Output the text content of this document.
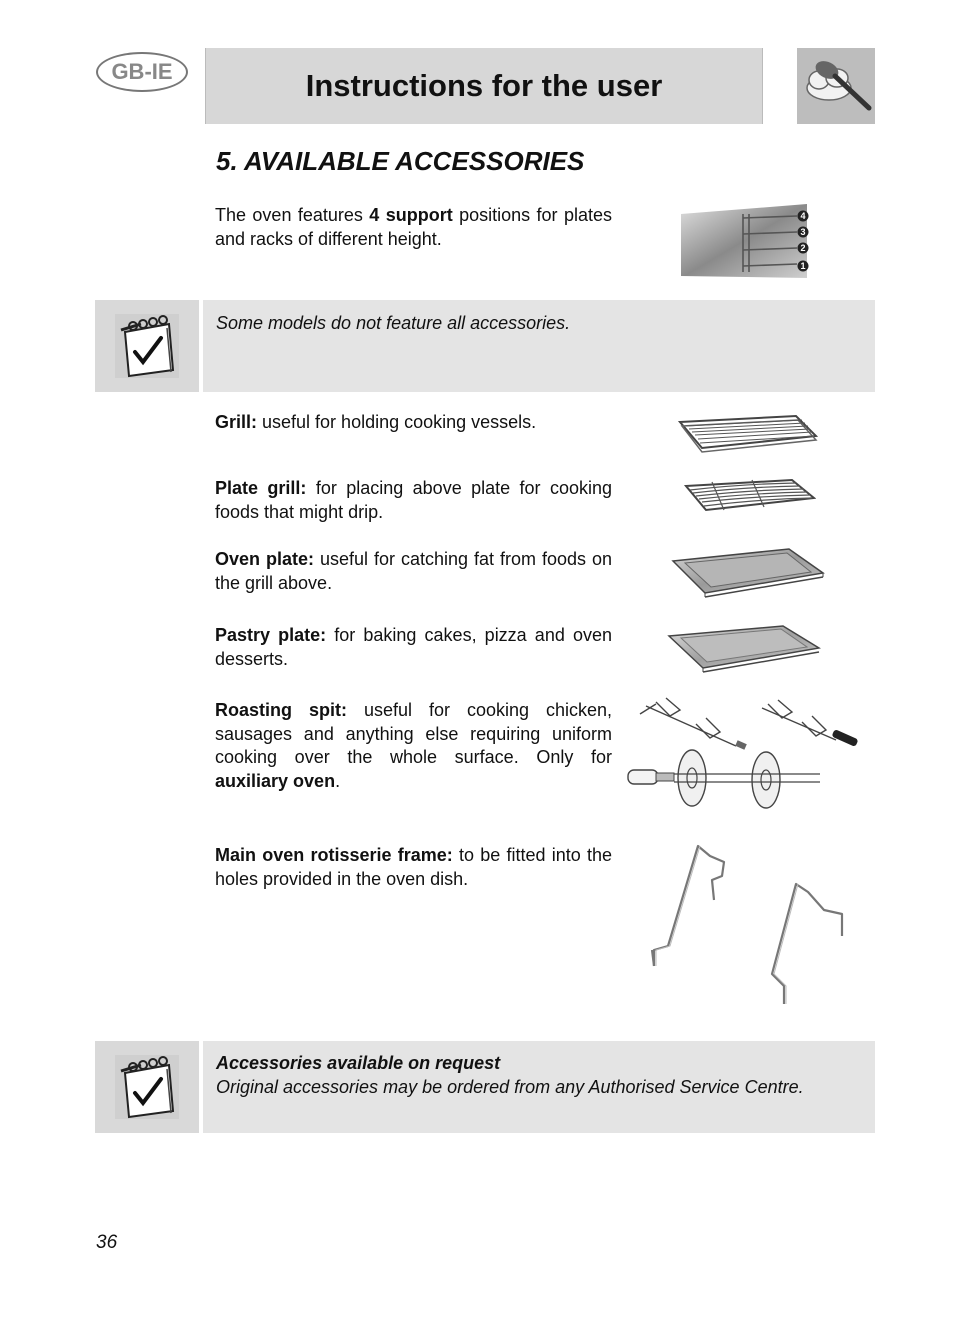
GB-IE	Instructions for the user
5. AVAILABLE ACCESSORIES
The oven features 4 support positions for plates and racks of different height.
4
3
2
1
Some models do not feature all accessories.
Grill: useful for holding cooking vessels.
Plate grill: for placing above plate for cooking foods that might drip.
Oven plate: useful for catching fat from foods on the grill above.
Pastry plate: for baking cakes, pizza and oven desserts.
Roasting spit: useful for cooking chicken, sausages and anything else requiring uniform cooking over the whole surface. Only for auxiliary oven.
Main oven rotisserie frame: to be fitted into the holes provided in the oven dish.
Accessories available on request
Original accessories may be ordered from any Authorised Service Centre.
36
